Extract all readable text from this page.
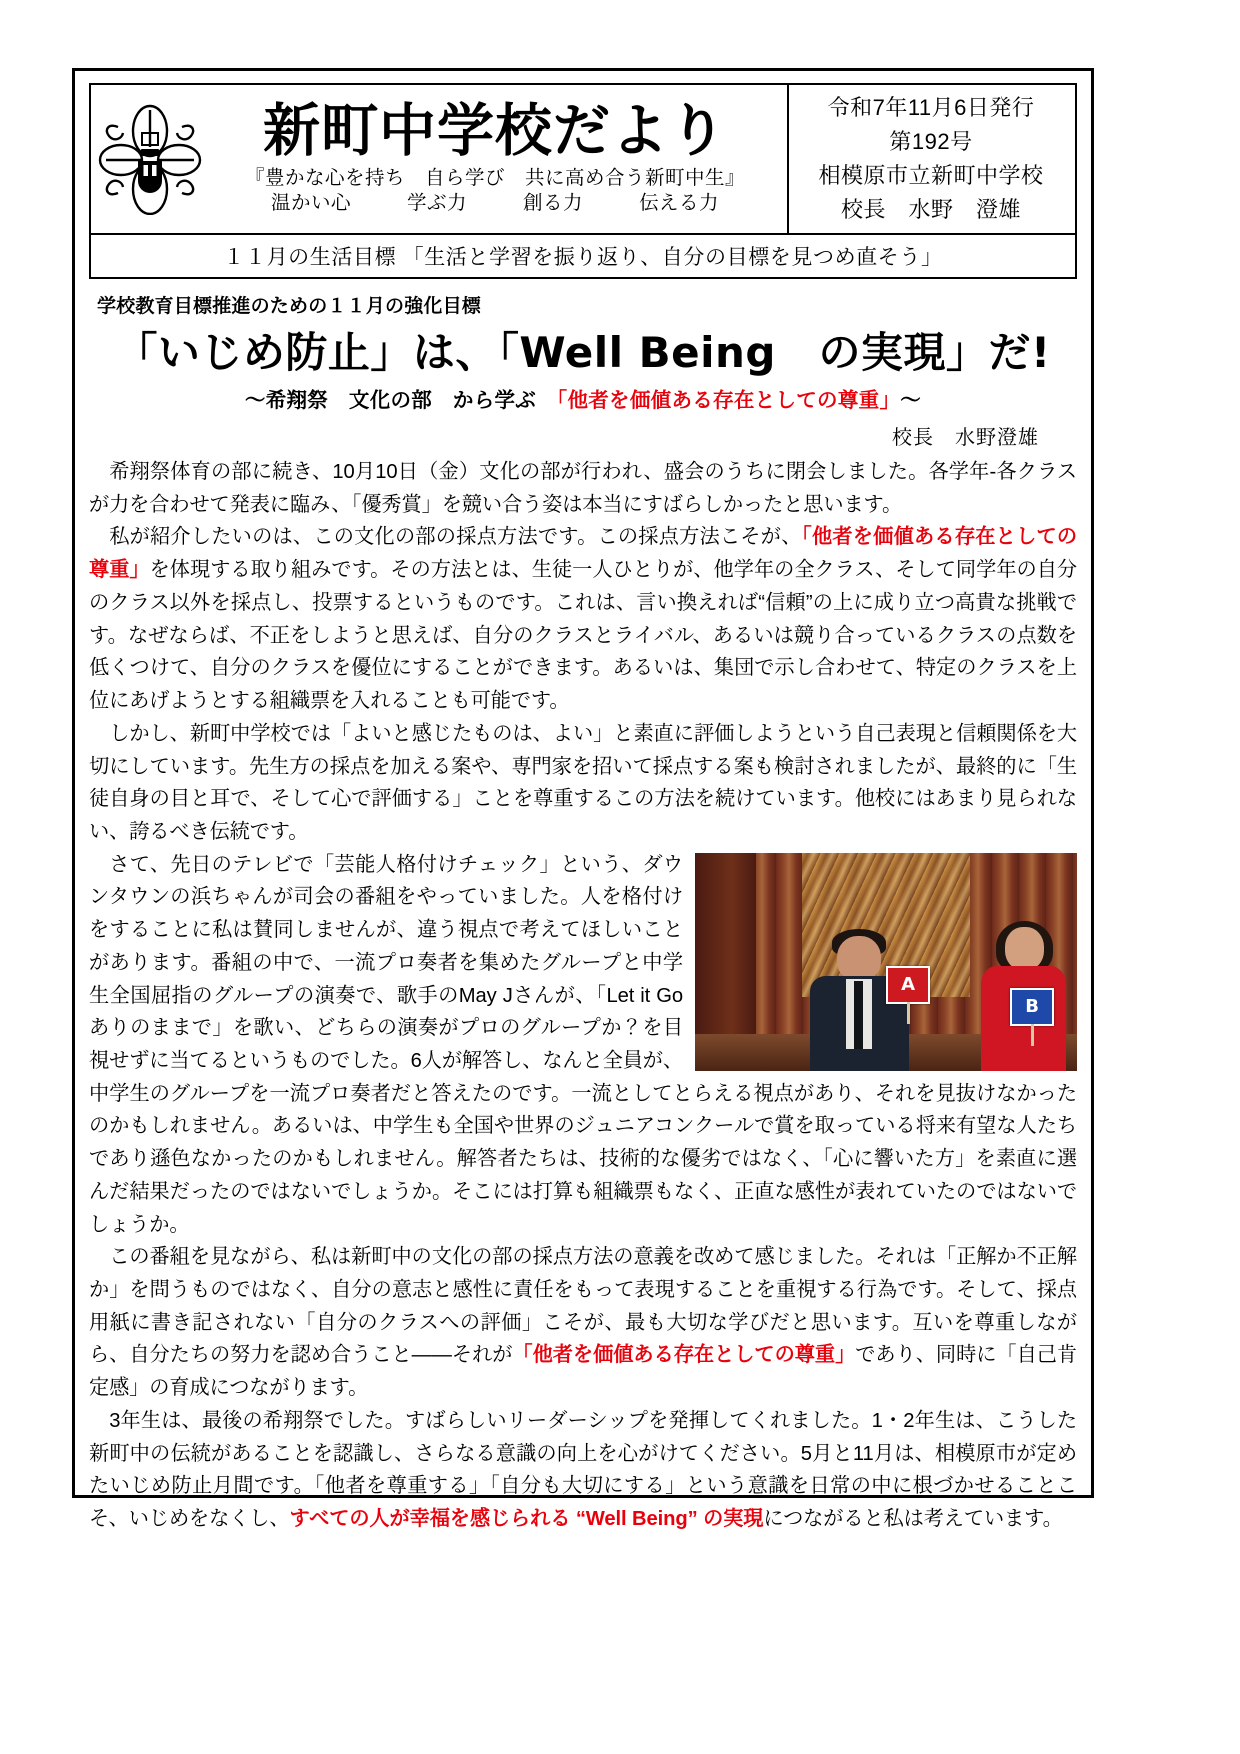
新町中学校だより
『豊かな心を持ち　自ら学び　共に高め合う新町中生』
温かい心	学ぶ力	創る力	伝える力
令和7年11月6日発行
第192号
相模原市立新町中学校
校長　水野　澄雄
１１月の生活目標 「生活と学習を振り返り、自分の目標を見つめ直そう」
学校教育目標推進のための１１月の強化目標
「いじめ防止」は、「Well Being　の実現」だ!
〜希翔祭　文化の部　から学ぶ　「他者を価値ある存在としての尊重」〜
校長　水野澄雄

希翔祭体育の部に続き、10月10日（金）文化の部が行われ、盛会のうちに閉会しました。各学年-各クラスが力を合わせて発表に臨み、「優秀賞」を競い合う姿は本当にすばらしかったと思います。

私が紹介したいのは、この文化の部の採点方法です。この採点方法こそが、「他者を価値ある存在としての尊重」を体現する取り組みです。その方法とは、生徒一人ひとりが、他学年の全クラス、そして同学年の自分のクラス以外を採点し、投票するというものです。これは、言い換えれば“信頼”の上に成り立つ高貴な挑戦です。なぜならば、不正をしようと思えば、自分のクラスとライバル、あるいは競り合っているクラスの点数を低くつけて、自分のクラスを優位にすることができます。あるいは、集団で示し合わせて、特定のクラスを上位にあげようとする組織票を入れることも可能です。

しかし、新町中学校では「よいと感じたものは、よい」と素直に評価しようという自己表現と信頼関係を大切にしています。先生方の採点を加える案や、専門家を招いて採点する案も検討されましたが、最終的に「生徒自身の目と耳で、そして心で評価する」ことを尊重するこの方法を続けています。他校にはあまり見られない、誇るべき伝統です。

A
B

さて、先日のテレビで「芸能人格付けチェック」という、ダウンタウンの浜ちゃんが司会の番組をやっていました。人を格付けをすることに私は賛同しませんが、違う視点で考えてほしいことがあります。番組の中で、一流プロ奏者を集めたグループと中学生全国屈指のグループの演奏で、歌手のMay Jさんが、「Let it Go ありのままで」を歌い、どちらの演奏がプロのグループか？を目視せずに当てるというものでした。6人が解答し、なんと全員が、中学生のグループを一流プロ奏者だと答えたのです。一流としてとらえる視点があり、それを見抜けなかったのかもしれません。あるいは、中学生も全国や世界のジュニアコンクールで賞を取っている将来有望な人たちであり遜色なかったのかもしれません。解答者たちは、技術的な優劣ではなく、「心に響いた方」を素直に選んだ結果だったのではないでしょうか。そこには打算も組織票もなく、正直な感性が表れていたのではないでしょうか。

この番組を見ながら、私は新町中の文化の部の採点方法の意義を改めて感じました。それは「正解か不正解か」を問うものではなく、自分の意志と感性に責任をもって表現することを重視する行為です。そして、採点用紙に書き記されない「自分のクラスへの評価」こそが、最も大切な学びだと思います。互いを尊重しながら、自分たちの努力を認め合うこと——それが「他者を価値ある存在としての尊重」であり、同時に「自己肯定感」の育成につながります。

3年生は、最後の希翔祭でした。すばらしいリーダーシップを発揮してくれました。1・2年生は、こうした新町中の伝統があることを認識し、さらなる意識の向上を心がけてください。5月と11月は、相模原市が定めたいじめ防止月間です。「他者を尊重する」「自分も大切にする」という意識を日常の中に根づかせることこそ、いじめをなくし、すべての人が幸福を感じられる “Well Being” の実現につながると私は考えています。
